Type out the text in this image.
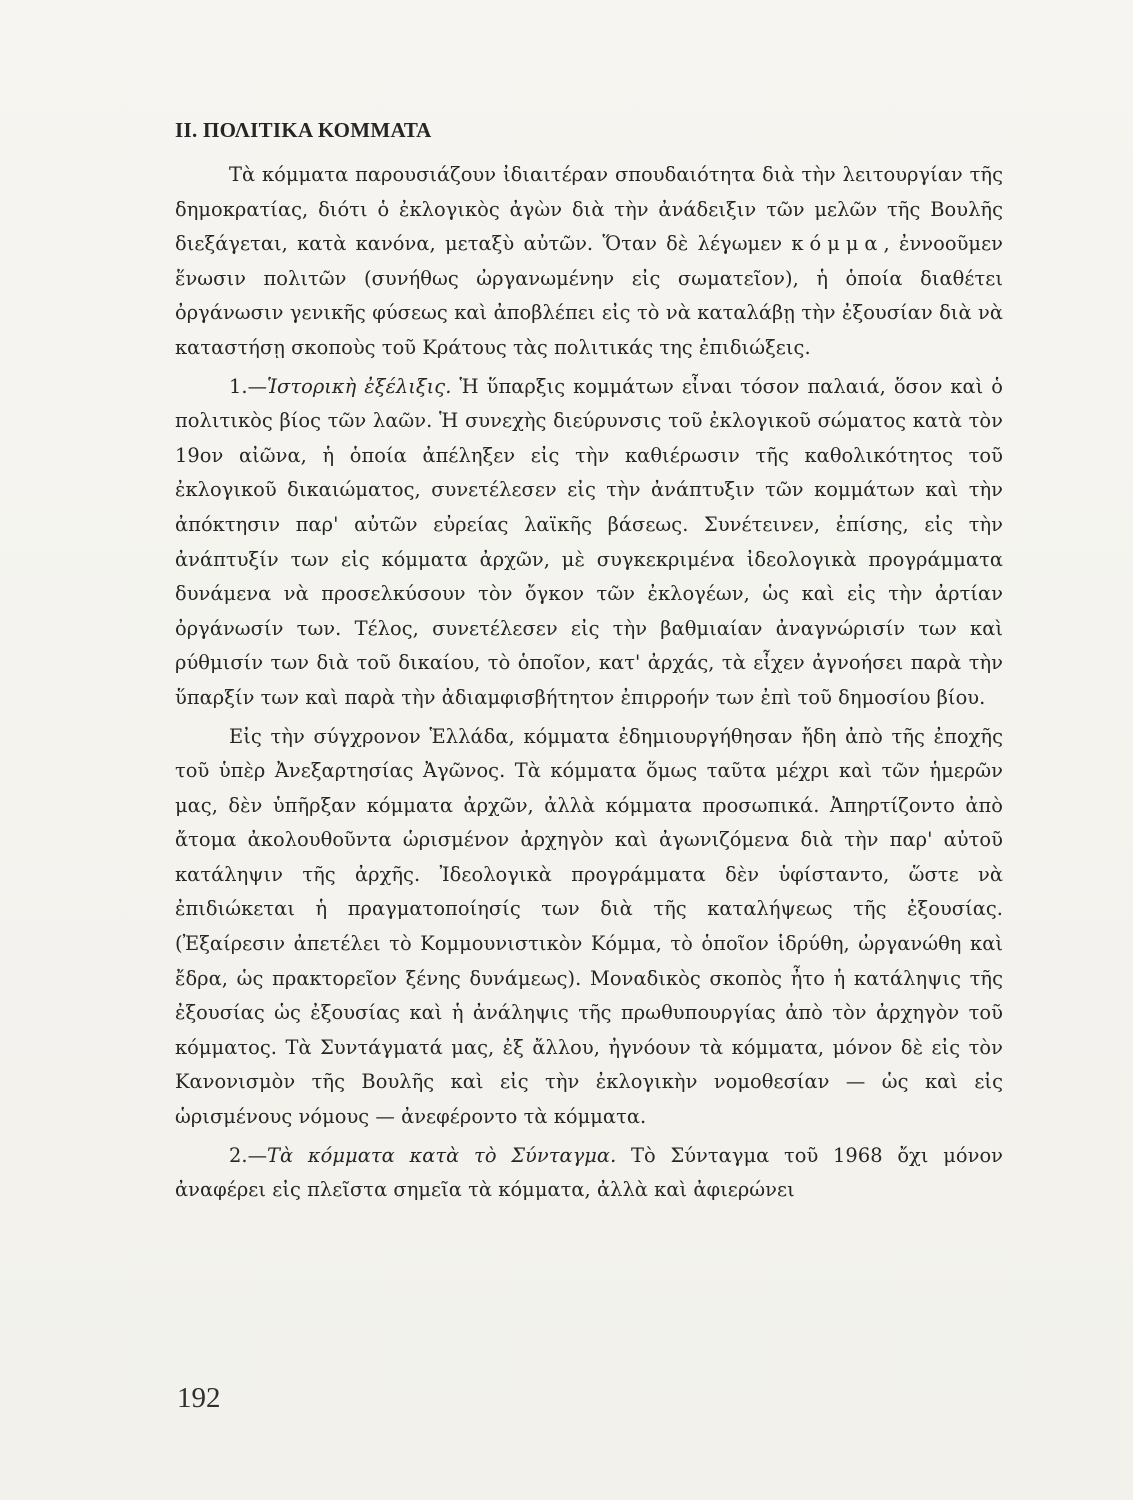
II. ΠΟΛΙΤΙΚΑ ΚΟΜΜΑΤΑ

Τὰ κόμματα παρουσιάζουν ἰδιαιτέραν σπουδαιότητα διὰ τὴν λειτουργίαν τῆς δημοκρατίας, διότι ὁ ἐκλογικὸς ἀγὼν διὰ τὴν ἀνάδειξιν τῶν μελῶν τῆς Βουλῆς διεξάγεται, κατὰ κανόνα, μεταξὺ αὐτῶν. Ὅταν δὲ λέγωμεν κόμμα, ἐννοοῦμεν ἕνωσιν πολιτῶν (συνήθως ὠργανωμένην εἰς σωματεῖον), ἡ ὁποία διαθέτει ὀργάνωσιν γενικῆς φύσεως καὶ ἀποβλέπει εἰς τὸ νὰ καταλάβῃ τὴν ἐξουσίαν διὰ νὰ καταστήσῃ σκοποὺς τοῦ Κράτους τὰς πολιτικάς της ἐπιδιώξεις.

1.—Ἱστορικὴ ἐξέλιξις. Ἡ ὕπαρξις κομμάτων εἶναι τόσον παλαιά, ὅσον καὶ ὁ πολιτικὸς βίος τῶν λαῶν. Ἡ συνεχὴς διεύρυνσις τοῦ ἐκλογικοῦ σώματος κατὰ τὸν 19ον αἰῶνα, ἡ ὁποία ἀπέληξεν εἰς τὴν καθιέρωσιν τῆς καθολικότητος τοῦ ἐκλογικοῦ δικαιώματος, συνετέλεσεν εἰς τὴν ἀνάπτυξιν τῶν κομμάτων καὶ τὴν ἀπόκτησιν παρ' αὐτῶν εὐρείας λαϊκῆς βάσεως. Συνέτεινεν, ἐπίσης, εἰς τὴν ἀνάπτυξίν των εἰς κόμματα ἀρχῶν, μὲ συγκεκριμένα ἰδεολογικὰ προγράμματα δυνάμενα νὰ προσελκύσουν τὸν ὄγκον τῶν ἐκλογέων, ὡς καὶ εἰς τὴν ἀρτίαν ὀργάνωσίν των. Τέλος, συνετέλεσεν εἰς τὴν βαθμιαίαν ἀναγνώρισίν των καὶ ρύθμισίν των διὰ τοῦ δικαίου, τὸ ὁποῖον, κατ' ἀρχάς, τὰ εἶχεν ἀγνοήσει παρὰ τὴν ὕπαρξίν των καὶ παρὰ τὴν ἀδιαμφισβήτητον ἐπιρροήν των ἐπὶ τοῦ δημοσίου βίου.

Εἰς τὴν σύγχρονον Ἑλλάδα, κόμματα ἐδημιουργήθησαν ἤδη ἀπὸ τῆς ἐποχῆς τοῦ ὑπὲρ Ἀνεξαρτησίας Ἀγῶνος. Τὰ κόμματα ὅμως ταῦτα μέχρι καὶ τῶν ἡμερῶν μας, δὲν ὑπῆρξαν κόμματα ἀρχῶν, ἀλλὰ κόμματα προσωπικά. Ἀπηρτίζοντο ἀπὸ ἄτομα ἀκολουθοῦντα ὡρισμένον ἀρχηγὸν καὶ ἀγωνιζόμενα διὰ τὴν παρ' αὐτοῦ κατάληψιν τῆς ἀρχῆς. Ἰδεολογικὰ προγράμματα δὲν ὑφίσταντο, ὥστε νὰ ἐπιδιώκεται ἡ πραγματοποίησίς των διὰ τῆς καταλήψεως τῆς ἐξουσίας. (Ἐξαίρεσιν ἀπετέλει τὸ Κομμουνιστικὸν Κόμμα, τὸ ὁποῖον ἱδρύθη, ὠργανώθη καὶ ἔδρα, ὡς πρακτορεῖον ξένης δυνάμεως). Μοναδικὸς σκοπὸς ἦτο ἡ κατάληψις τῆς ἐξουσίας ὡς ἐξουσίας καὶ ἡ ἀνάληψις τῆς πρωθυπουργίας ἀπὸ τὸν ἀρχηγὸν τοῦ κόμματος. Τὰ Συντάγματά μας, ἐξ ἄλλου, ἠγνόουν τὰ κόμματα, μόνον δὲ εἰς τὸν Κανονισμὸν τῆς Βουλῆς καὶ εἰς τὴν ἐκλογικὴν νομοθεσίαν — ὡς καὶ εἰς ὡρισμένους νόμους — ἀνεφέροντο τὰ κόμματα.

2.—Τὰ κόμματα κατὰ τὸ Σύνταγμα. Τὸ Σύνταγμα τοῦ 1968 ὄχι μόνον ἀναφέρει εἰς πλεῖστα σημεῖα τὰ κόμματα, ἀλλὰ καὶ ἀφιερώνει

192
